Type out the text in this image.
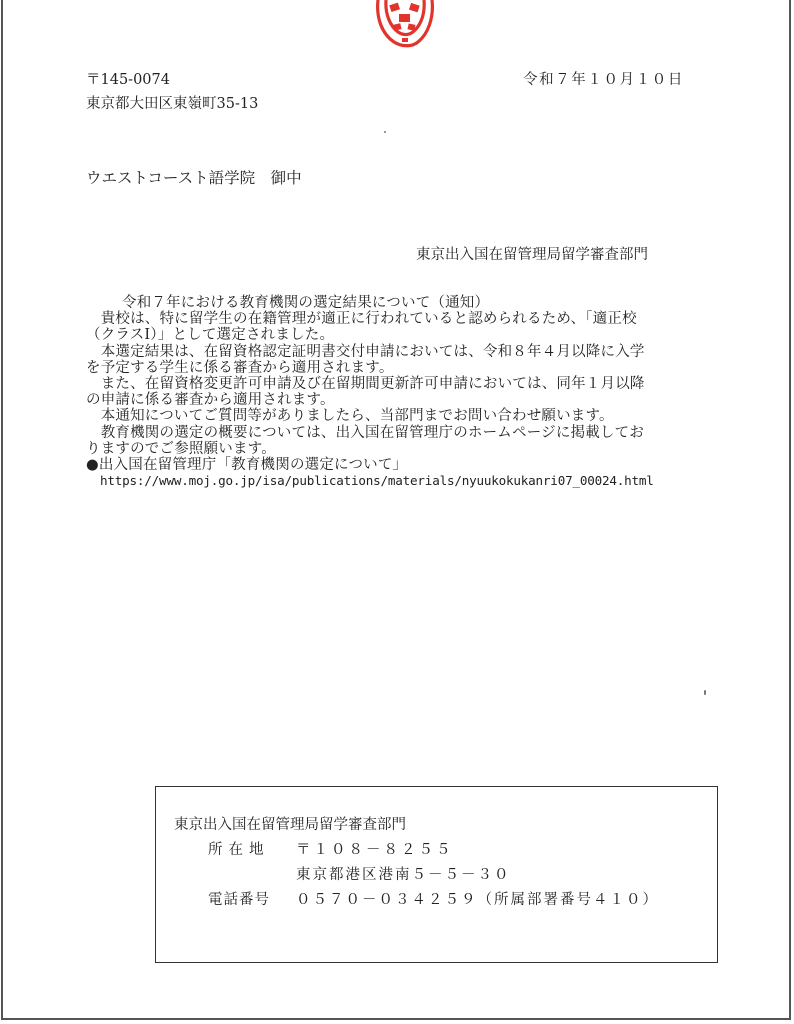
〒145-0074	令和７年１０月１０日
東京都大田区東嶺町35-13
ウエストコースト語学院　御中
東京出入国在留管理局留学審査部門
令和７年における教育機関の選定結果について（通知）
　貴校は、特に留学生の在籍管理が適正に行われていると認められるため、「適正校
（クラスⅠ）」として選定されました。
　本選定結果は、在留資格認定証明書交付申請においては、令和８年４月以降に入学
を予定する学生に係る審査から適用されます。
　また、在留資格変更許可申請及び在留期間更新許可申請においては、同年１月以降
の申請に係る審査から適用されます。
　本通知についてご質問等がありましたら、当部門までお問い合わせ願います。
　教育機関の選定の概要については、出入国在留管理庁のホームページに掲載してお
りますのでご参照願います。
●出入国在留管理庁「教育機関の選定について」
https://www.moj.go.jp/isa/publications/materials/nyuukokukanri07_00024.html
東京出入国在留管理局留学審査部門
所在地 〒１０８－８２５５
東京都港区港南５－５－３０
電話番号 ０５７０－０３４２５９（所属部署番号４１０）
